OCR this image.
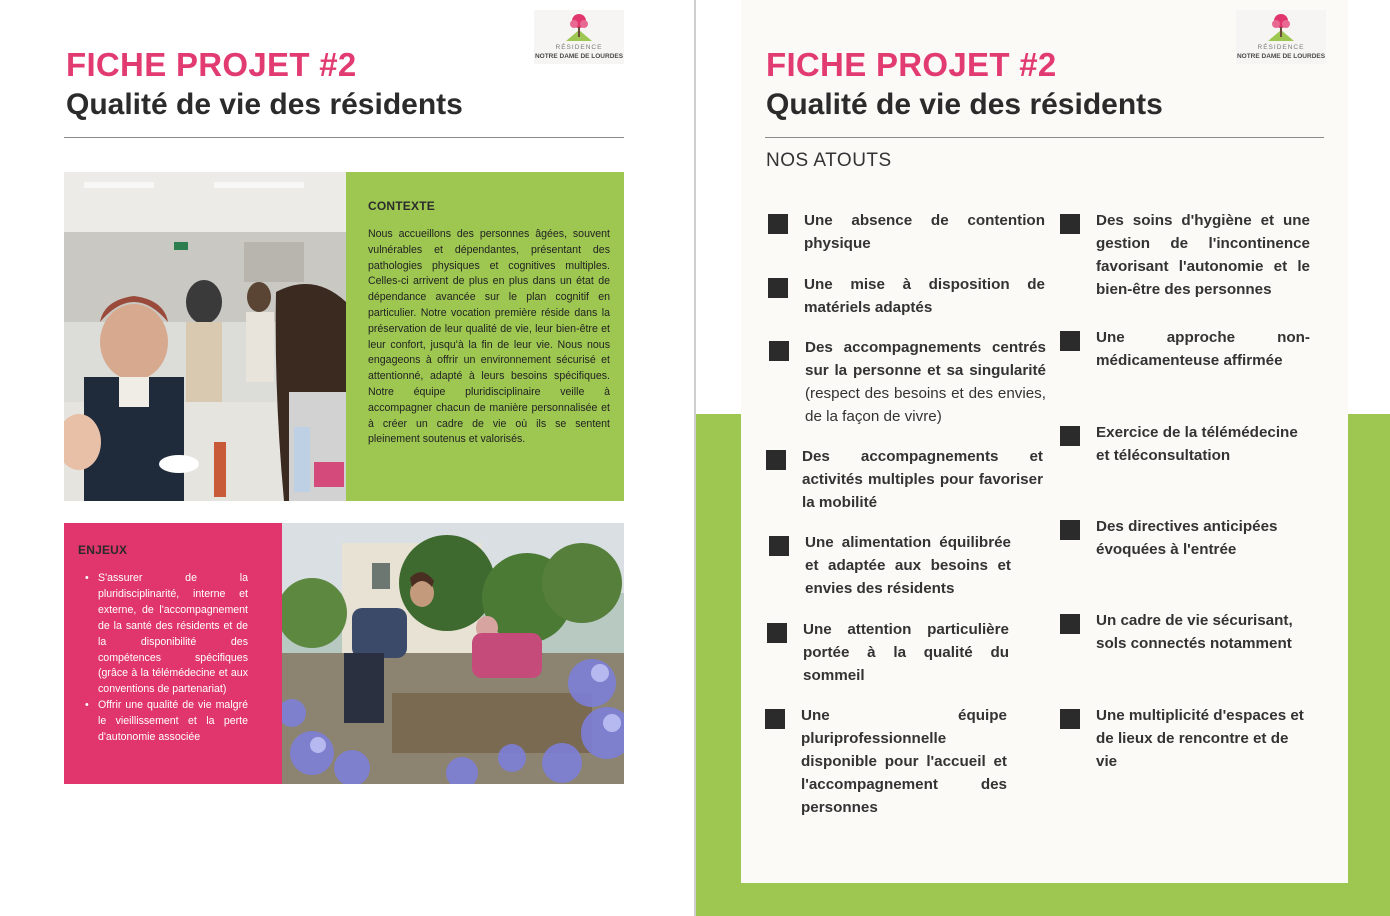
FICHE PROJET #2
Qualité de vie des résidents
RÉSIDENCE
NOTRE DAME DE LOURDES
CONTEXTE
Nous accueillons des personnes âgées, souvent vulnérables et dépendantes, présentant des pathologies physiques et cognitives multiples. Celles-ci arrivent de plus en plus dans un état de dépendance avancée sur le plan cognitif en particulier. Notre vocation première réside dans la préservation de leur qualité de vie, leur bien-être et leur confort, jusqu'à la fin de leur vie. Nous nous engageons à offrir un environnement sécurisé et attentionné, adapté à leurs besoins spécifiques. Notre équipe pluridisciplinaire veille à accompagner chacun de manière personnalisée et à créer un cadre de vie où ils se sentent pleinement soutenus et valorisés.
ENJEUX
• S'assurer de la pluridisciplinarité, interne et externe, de l'accompagnement de la santé des résidents et de la disponibilité des compétences spécifiques (grâce à la télémédecine et aux conventions de partenariat)
• Offrir une qualité de vie malgré le vieillissement et la perte d'autonomie associée
FICHE PROJET #2
Qualité de vie des résidents
RÉSIDENCE
NOTRE DAME DE LOURDES
NOS ATOUTS
Une absence de contention physique
Une mise à disposition de matériels adaptés
Des accompagnements centrés sur la personne et sa singularité (respect des besoins et des envies, de la façon de vivre)
Des accompagnements et activités multiples pour favoriser la mobilité
Une alimentation équilibrée et adaptée aux besoins et envies des résidents
Une attention particulière portée à la qualité du sommeil
Une équipe pluriprofessionnelle disponible pour l'accueil et l'accompagnement des personnes
Des soins d'hygiène et une gestion de l'incontinence favorisant l'autonomie et le bien-être des personnes
Une approche non-médicamenteuse affirmée
Exercice de la télémédecine et téléconsultation
Des directives anticipées évoquées à l'entrée
Un cadre de vie sécurisant, sols connectés notamment
Une multiplicité d'espaces et de lieux de rencontre et de vie
